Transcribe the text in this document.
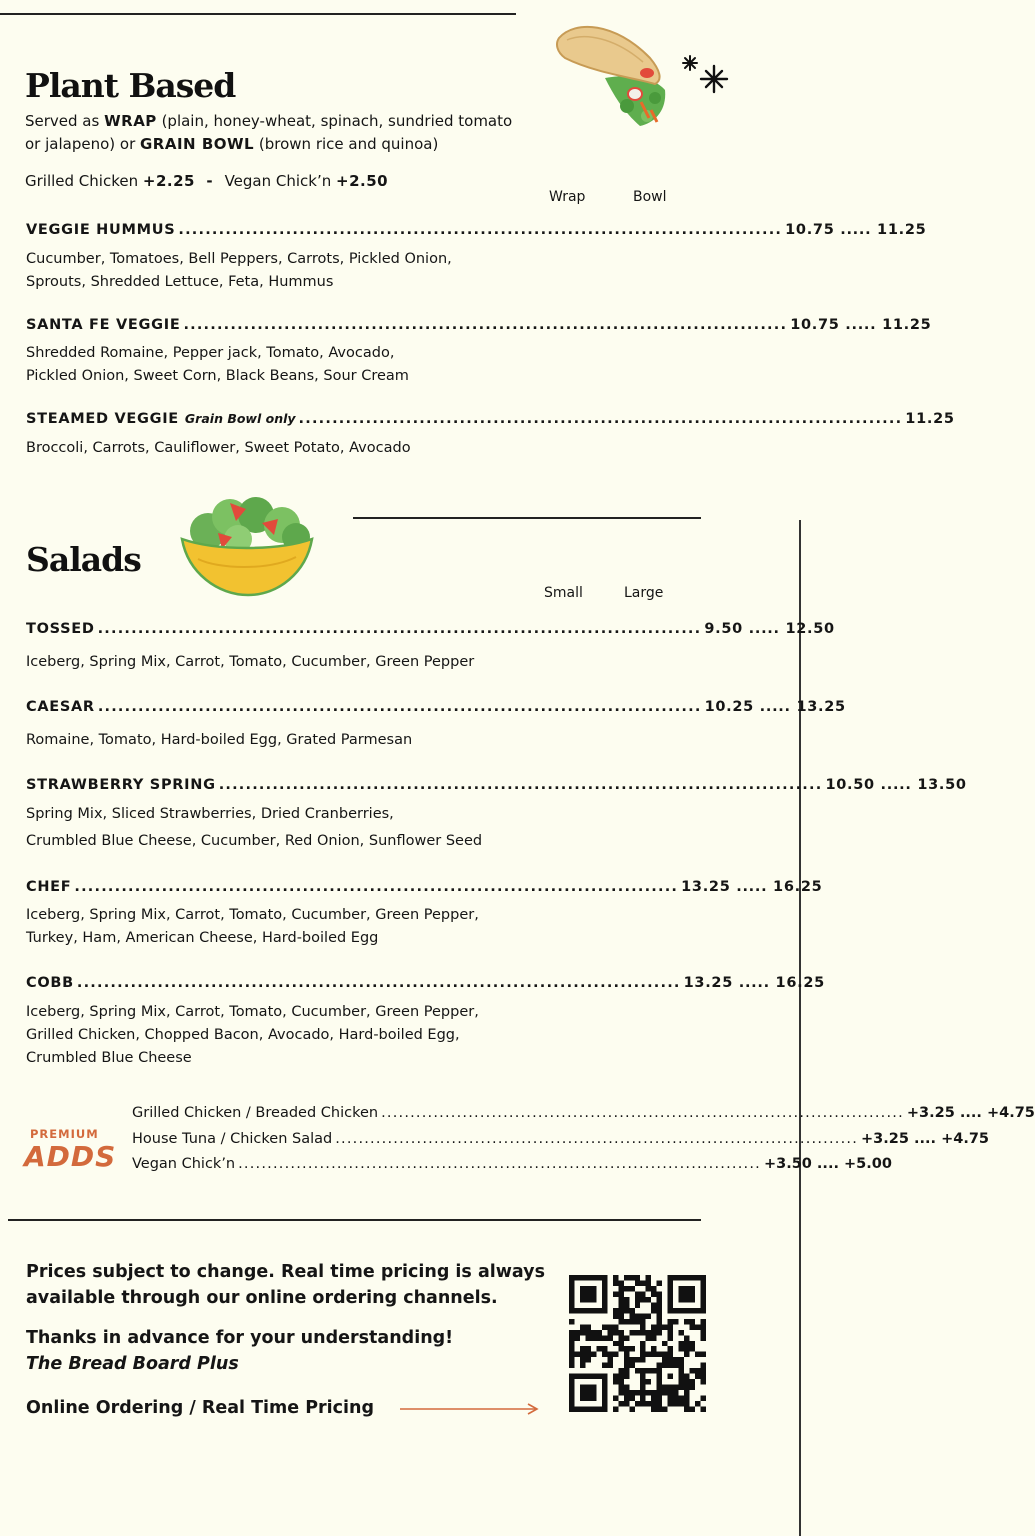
Plant Based
Served as WRAP (plain, honey-wheat, spinach, sundried tomato
or jalapeno) or GRAIN BOWL (brown rice and quinoa)
Grilled Chicken +2.25  -  Vegan Chick’n +2.50
Wrap	Bowl
VEGGIE HUMMUS .......................................................................................... 10.75 ..... 11.25
Cucumber, Tomatoes, Bell Peppers, Carrots, Pickled Onion,
Sprouts, Shredded Lettuce, Feta, Hummus
SANTA FE VEGGIE .......................................................................................... 10.75 ..... 11.25
Shredded Romaine, Pepper jack, Tomato, Avocado,
Pickled Onion, Sweet Corn, Black Beans, Sour Cream
STEAMED VEGGIE Grain Bowl only .......................................................................................... 11.25
Broccoli, Carrots, Cauliflower, Sweet Potato, Avocado
Salads
Small	Large
TOSSED .......................................................................................... 9.50 ..... 12.50
Iceberg, Spring Mix, Carrot, Tomato, Cucumber, Green Pepper
CAESAR .......................................................................................... 10.25 ..... 13.25
Romaine, Tomato, Hard-boiled Egg, Grated Parmesan
STRAWBERRY SPRING .......................................................................................... 10.50 ..... 13.50
Spring Mix, Sliced Strawberries, Dried Cranberries,
Crumbled Blue Cheese, Cucumber, Red Onion, Sunflower Seed
CHEF .......................................................................................... 13.25 ..... 16.25
Iceberg, Spring Mix, Carrot, Tomato, Cucumber, Green Pepper,
Turkey, Ham, American Cheese, Hard-boiled Egg
COBB .......................................................................................... 13.25 ..... 16.25
Iceberg, Spring Mix, Carrot, Tomato, Cucumber, Green Pepper,
Grilled Chicken, Chopped Bacon, Avocado, Hard-boiled Egg,
Crumbled Blue Cheese
PREMIUM
ADDS
Grilled Chicken / Breaded Chicken .......................................................................................... +3.25 .... +4.75
House Tuna / Chicken Salad .......................................................................................... +3.25 .... +4.75
Vegan Chick’n .......................................................................................... +3.50 .... +5.00
Prices subject to change. Real time pricing is always
available through our online ordering channels.
Thanks in advance for your understanding!
The Bread Board Plus
Online Ordering / Real Time Pricing
